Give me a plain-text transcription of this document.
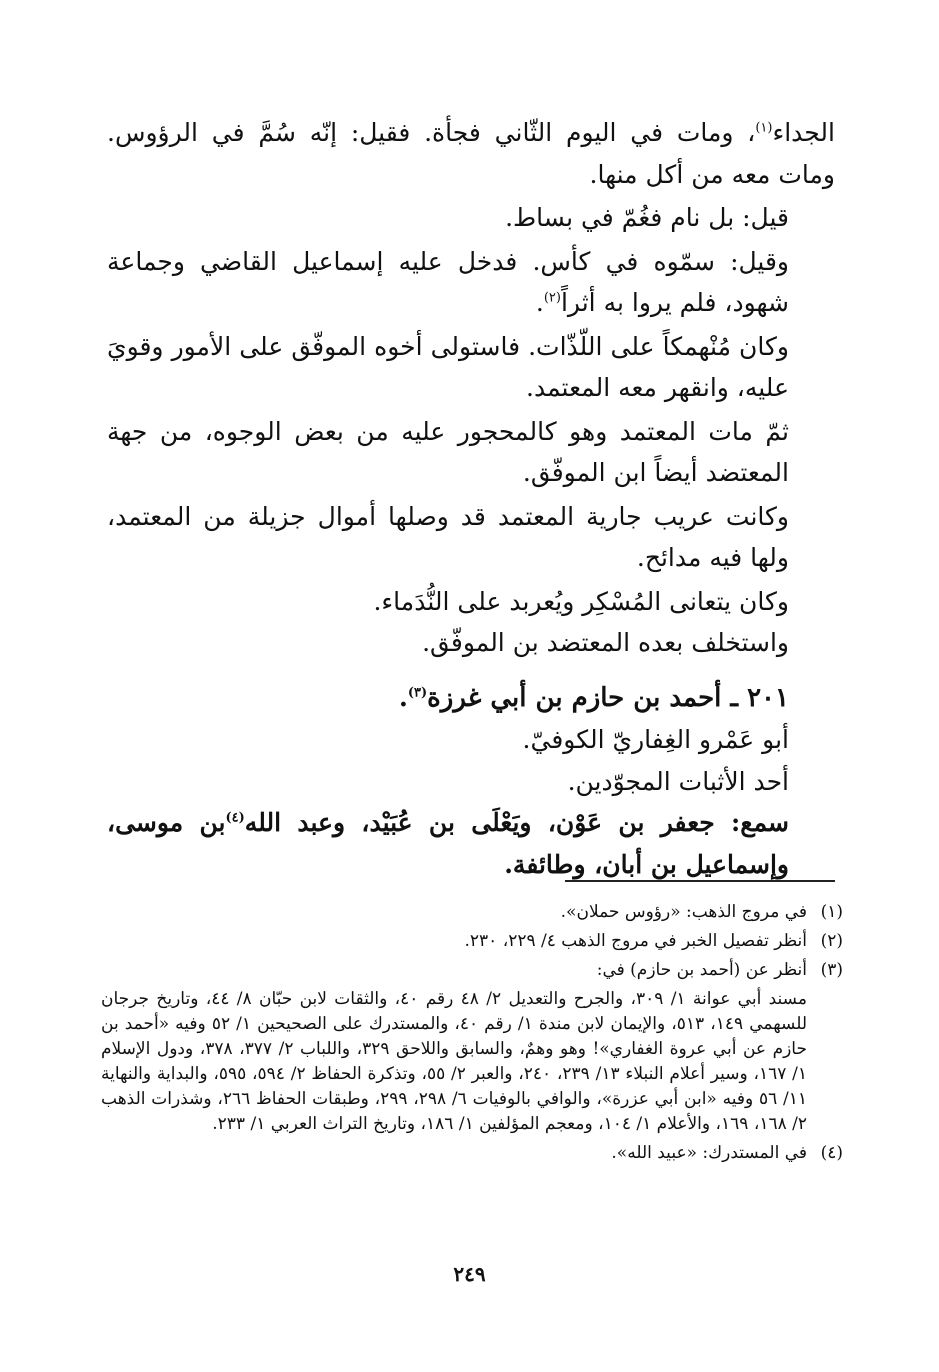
الجداء$^{(١)}$، ومات في اليوم الثّاني فجأة. فقيل: إنّه سُمَّ في الرؤوس. ومات معه من أكل منها.

قيل: بل نام فغُمّ في بساط.

وقيل: سمّوه في كأس. فدخل عليه إسماعيل القاضي وجماعة شهود، فلم يروا به أثراً$^{(٢)}$.

وكان مُنْهمكاً على اللّذّات. فاستولى أخوه الموفّق على الأمور وقويَ عليه، وانقهر معه المعتمد.

ثمّ مات المعتمد وهو كالمحجور عليه من بعض الوجوه، من جهة المعتضد أيضاً ابن الموفّق.

وكانت عريب جارية المعتمد قد وصلها أموال جزيلة من المعتمد، ولها فيه مدائح.

وكان يتعانى المُسْكِر ويُعربد على النُّدَماء.

واستخلف بعده المعتضد بن الموفّق.

٢٠١ ـ أحمد بن حازم بن أبي غرزة$^{(٣)}$.

أبو عَمْرو الغِفاريّ الكوفيّ.

أحد الأثبات المجوّدين.

سمع: جعفر بن عَوْن، ويَعْلَى بن عُبَيْد، وعبد الله$^{(٤)}$بن موسى، وإسماعيل بن أبان، وطائفة.

(١)
في مروج الذهب: «رؤوس حملان».
(٢)
أنظر تفصيل الخبر في مروج الذهب ٤/ ٢٢٩، ٢٣٠.
(٣)
أنظر عن (أحمد بن حازم) في:
مسند أبي عوانة ١/ ٣٠٩، والجرح والتعديل ٢/ ٤٨ رقم ٤٠، والثقات لابن حبّان ٨/ ٤٤، وتاريخ جرجان للسهمي ١٤٩، ٥١٣، والإيمان لابن مندة ١/ رقم ٤٠، والمستدرك على الصحيحين ١/ ٥٢ وفيه «أحمد بن حازم عن أبي عروة الغفاري»! وهو وهمٌ، والسابق واللاحق ٣٢٩، واللباب ٢/ ٣٧٧، ٣٧٨، ودول الإسلام ١/ ١٦٧، وسير أعلام النبلاء ١٣/ ٢٣٩، ٢٤٠، والعبر ٢/ ٥٥، وتذكرة الحفاظ ٢/ ٥٩٤، ٥٩٥، والبداية والنهاية ١١/ ٥٦ وفيه «ابن أبي عزرة»، والوافي بالوفيات ٦/ ٢٩٨، ٢٩٩، وطبقات الحفاظ ٢٦٦، وشذرات الذهب ٢/ ١٦٨، ١٦٩، والأعلام ١/ ١٠٤، ومعجم المؤلفين ١/ ١٨٦، وتاريخ التراث العربي ١/ ٢٣٣.
(٤)
في المستدرك: «عبيد الله».
٢٤٩
